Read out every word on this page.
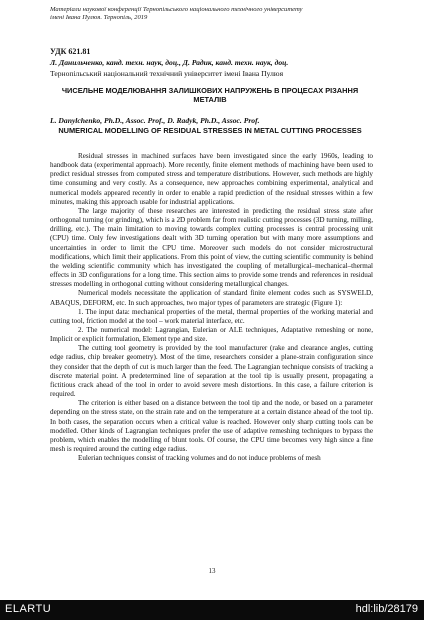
Матеріали наукової конференції Тернопільського національного технічного університету
імені Івана Пулюя. Тернопіль, 2019
УДК 621.81
Л. Данильченко, канд. техн. наук, доц., Д. Радик, канд. техн. наук, доц.
Тернопільський національний технічний університет імені Івана Пулюя
ЧИСЕЛЬНЕ МОДЕЛЮВАННЯ ЗАЛИШКОВИХ НАПРУЖЕНЬ В ПРОЦЕСАХ РІЗАННЯ МЕТАЛІВ
L. Danylchenko, Ph.D., Assoc. Prof., D. Radyk, Ph.D., Assoc. Prof.
NUMERICAL MODELLING OF RESIDUAL STRESSES IN METAL CUTTING PROCESSES

Residual stresses in machined surfaces have been investigated since the early 1960s, leading to handbook data (experimental approach). More recently, finite element methods of machining have been used to predict residual stresses from computed stress and temperature distributions. However, such methods are highly time consuming and very costly. As a consequence, new approaches combining experimental, analytical and numerical models appeared recently in order to enable a rapid prediction of the residual stresses within a few minutes, making this approach usable for industrial applications.

The large majority of these researches are interested in predicting the residual stress state after orthogonal turning (or grinding), which is a 2D problem far from realistic cutting processes (3D turning, milling, drilling, etc.). The main limitation to moving towards complex cutting processes is central processing unit (CPU) time. Only few investigations dealt with 3D turning operation but with many more assumptions and uncertainties in order to limit the CPU time. Moreover such models do not consider microstructural modifications, which limit their applications. From this point of view, the cutting scientific community is behind the welding scientific community which has investigated the coupling of metallurgical–mechanical–thermal effects in 3D configurations for a long time. This section aims to provide some trends and references in residual stresses modelling in orthogonal cutting without considering metallurgical changes.

Numerical models necessitate the application of standard finite element codes such as SYSWELD, ABAQUS, DEFORM, etc. In such approaches, two major types of parameters are strategic (Figure 1):

1. The input data: mechanical properties of the metal, thermal properties of the working material and cutting tool, friction model at the tool – work material interface, etc.

2. The numerical model: Lagrangian, Eulerian or ALE techniques, Adaptative remeshing or none, Implicit or explicit formulation, Element type and size.

The cutting tool geometry is provided by the tool manufacturer (rake and clearance angles, cutting edge radius, chip breaker geometry). Most of the time, researchers consider a plane-strain configuration since they consider that the depth of cut is much larger than the feed. The Lagrangian technique consists of tracking a discrete material point. A predetermined line of separation at the tool tip is usually present, propagating a fictitious crack ahead of the tool in order to avoid severe mesh distortions. In this case, a failure criterion is required.

The criterion is either based on a distance between the tool tip and the node, or based on a parameter depending on the stress state, on the strain rate and on the temperature at a certain distance ahead of the tool tip. In both cases, the separation occurs when a critical value is reached. However only sharp cutting tools can be modelled. Other kinds of Lagrangian techniques prefer the use of adaptive remeshing techniques to bypass the problem, which enables the modelling of blunt tools. Of course, the CPU time becomes very high since a fine mesh is required around the cutting edge radius.

Eulerian techniques consist of tracking volumes and do not induce problems of mesh

13
ELARTU	hdl:lib/28179
